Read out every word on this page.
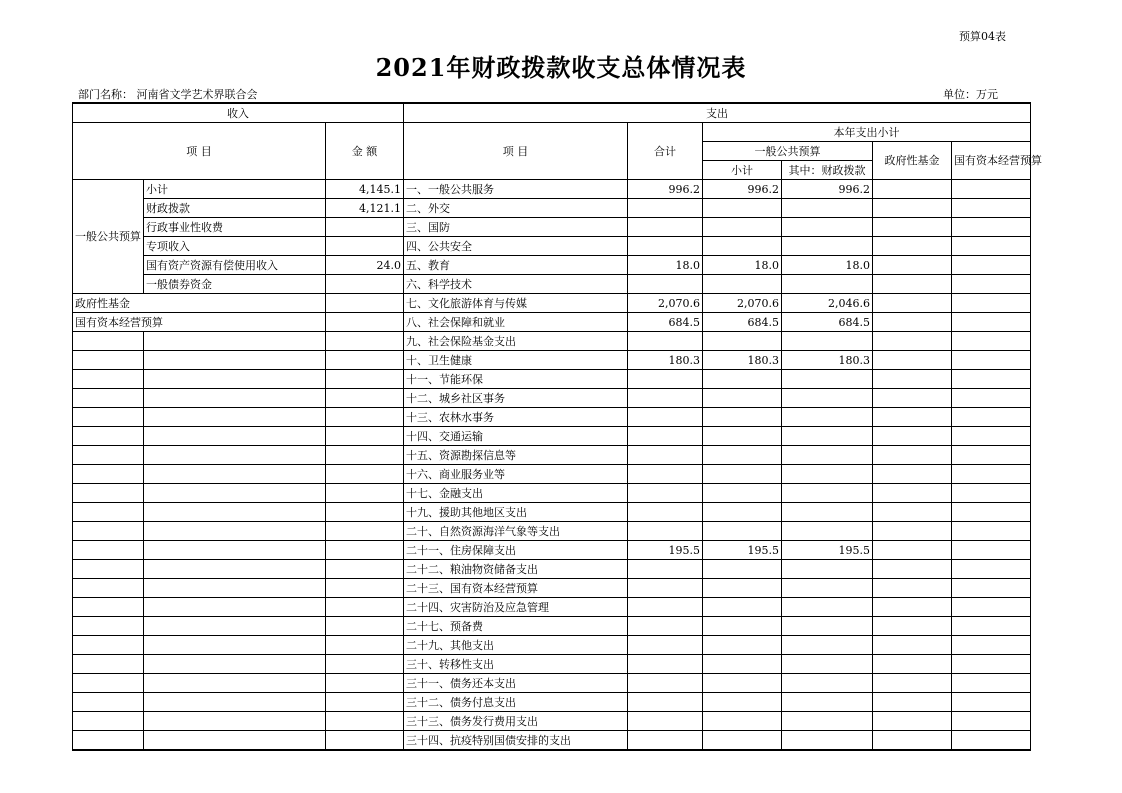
预算04表
2021年财政拨款收支总体情况表
部门名称： 河南省文学艺术界联合会	单位：万元
收入			支出					
项 目		金 额	项 目	合计	本年支出小计			
					一般公共预算		政府性基金	国有资本经营预算
					小计	其中：财政拨款		
一般公共预算	小计	4,145.1	一、一般公共服务	996.2	996.2	996.2		
	财政拨款	4,121.1	二、外交					
	行政事业性收费		三、国防					
	专项收入		四、公共安全					
	国有资产资源有偿使用收入	24.0	五、教育	18.0	18.0	18.0		
	一般债券资金		六、科学技术					
政府性基金			七、文化旅游体育与传媒	2,070.6	2,070.6	2,046.6		
国有资本经营预算			八、社会保障和就业	684.5	684.5	684.5		
			九、社会保险基金支出					
			十、卫生健康	180.3	180.3	180.3		
			十一、节能环保					
			十二、城乡社区事务					
			十三、农林水事务					
			十四、交通运输					
			十五、资源勘探信息等					
			十六、商业服务业等					
			十七、金融支出					
			十九、援助其他地区支出					
			二十、自然资源海洋气象等支出					
			二十一、住房保障支出	195.5	195.5	195.5		
			二十二、粮油物资储备支出					
			二十三、国有资本经营预算					
			二十四、灾害防治及应急管理					
			二十七、预备费					
			二十九、其他支出					
			三十、转移性支出					
			三十一、债务还本支出					
			三十二、债务付息支出					
			三十三、债务发行费用支出					
			三十四、抗疫特别国债安排的支出					
